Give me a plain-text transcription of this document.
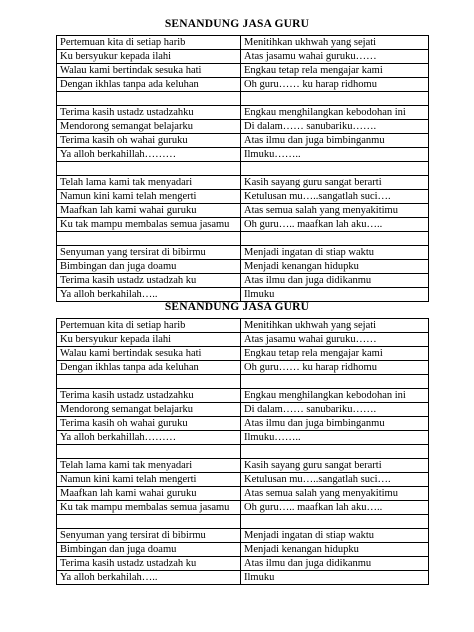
SENANDUNG JASA GURU
Pertemuan kita di setiap harib	Menitihkan ukhwah yang sejati
Ku bersyukur kepada ilahi	Atas jasamu wahai guruku……
Walau kami bertindak sesuka hati	Engkau tetap rela mengajar kami
Dengan ikhlas tanpa ada keluhan	Oh guru…… ku harap ridhomu

Terima kasih ustadz ustadzahku	Engkau menghilangkan kebodohan ini
Mendorong semangat belajarku	Di dalam…… sanubariku…….
Terima kasih oh wahai guruku	Atas ilmu dan juga bimbinganmu
Ya alloh berkahillah………	Ilmuku……..

Telah lama kami tak menyadari	Kasih sayang guru sangat berarti
Namun kini kami telah mengerti	Ketulusan mu…..sangatlah suci….
Maafkan lah kami wahai guruku	Atas semua salah yang menyakitimu
Ku tak mampu membalas semua jasamu	Oh guru….. maafkan lah aku…..

Senyuman yang tersirat di bibirmu	Menjadi ingatan di stiap waktu
Bimbingan dan juga doamu	Menjadi kenangan hidupku
Terima kasih ustadz ustadzah ku	Atas ilmu dan juga didikanmu
Ya alloh berkahilah…..	Ilmuku
SENANDUNG JASA GURU
Pertemuan kita di setiap harib	Menitihkan ukhwah yang sejati
Ku bersyukur kepada ilahi	Atas jasamu wahai guruku……
Walau kami bertindak sesuka hati	Engkau tetap rela mengajar kami
Dengan ikhlas tanpa ada keluhan	Oh guru…… ku harap ridhomu

Terima kasih ustadz ustadzahku	Engkau menghilangkan kebodohan ini
Mendorong semangat belajarku	Di dalam…… sanubariku…….
Terima kasih oh wahai guruku	Atas ilmu dan juga bimbinganmu
Ya alloh berkahillah………	Ilmuku……..

Telah lama kami tak menyadari	Kasih sayang guru sangat berarti
Namun kini kami telah mengerti	Ketulusan mu…..sangatlah suci….
Maafkan lah kami wahai guruku	Atas semua salah yang menyakitimu
Ku tak mampu membalas semua jasamu	Oh guru….. maafkan lah aku…..

Senyuman yang tersirat di bibirmu	Menjadi ingatan di stiap waktu
Bimbingan dan juga doamu	Menjadi kenangan hidupku
Terima kasih ustadz ustadzah ku	Atas ilmu dan juga didikanmu
Ya alloh berkahilah…..	Ilmuku
